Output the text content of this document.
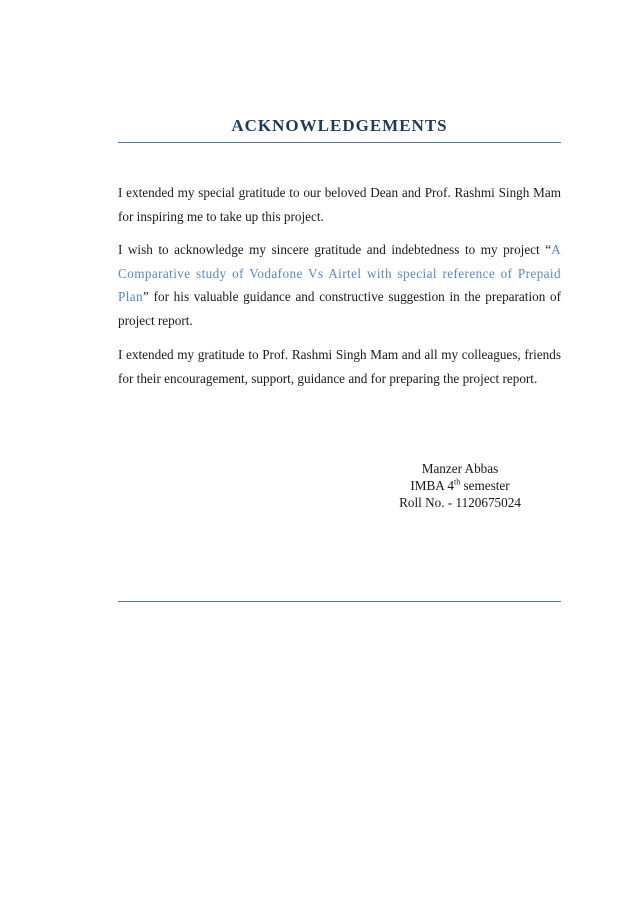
ACKNOWLEDGEMENTS

I extended my special gratitude to our beloved Dean and Prof. Rashmi Singh Mam for inspiring me to take up this project.

I wish to acknowledge my sincere gratitude and indebtedness to my project “A Comparative study of Vodafone Vs Airtel with special reference of Prepaid Plan” for his valuable guidance and constructive suggestion in the preparation of project report.

I extended my gratitude to Prof. Rashmi Singh Mam and all my colleagues, friends for their encouragement, support, guidance and for preparing the project report.

Manzer Abbas
IMBA 4th semester
Roll No. - 1120675024
